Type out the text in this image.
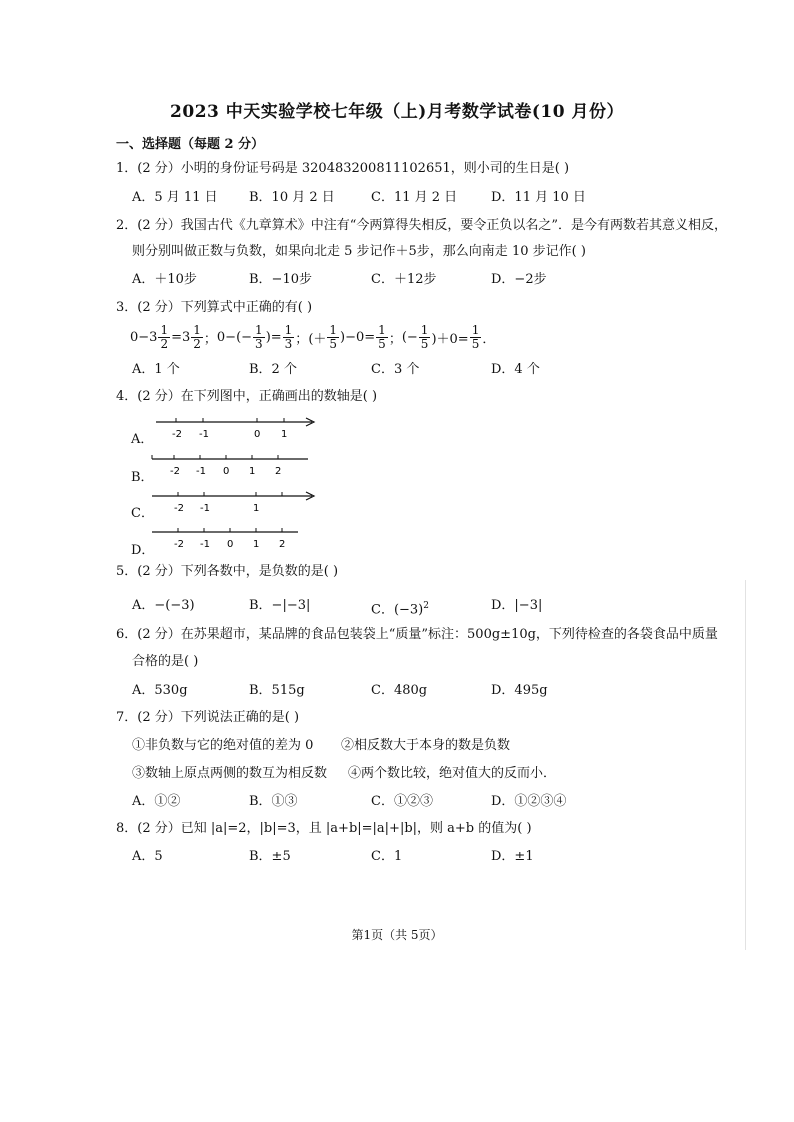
2023 中天实验学校七年级（上)月考数学试卷(10 月份）
一、选择题（每题 2 分）
1．(2 分）小明的身份证号码是 320483200811102651，则小司的生日是( )
A．5 月 11 日 B．10 月 2 日	C．11 月 2 日	D．11 月 10 日
2．(2 分）我国古代《九章算术》中注有“今两算得失相反，要令正负以名之”．是今有两数若其意义相反，
则分别叫做正数与负数，如果向北走 5 步记作＋5步，那么向南走 10 步记作( )
A．＋10步	B．−10步	C．＋12步	D．−2步
3．(2 分）下列算式中正确的有( )
$0-3 \frac{1}{2} =3 \frac{1}{2}$ ；$0-(- \frac{1}{3}$ )= $\frac{1}{3}$ ；(＋ $\frac{1}{5} )-0= \frac{1}{5}$ ；(− $\frac{1}{5} )+0= \frac{1}{5}$ ．
A．1 个	B．2 个	C．3 个	D．4 个
4．(2 分）在下列图中，正确画出的数轴是( )
A． -2 -1	0 1
B． -2 -1 0 1 2
C． -2 -1	1
D． -2 -1 0 1 2
5．(2 分）下列各数中，是负数的是( )
A．−(−3)	B．−|−3|	C．$(-3)^2$	D．|−3|
6．(2 分）在苏果超市，某品牌的食品包装袋上“质量”标注：500g±10g，下列待检查的各袋食品中质量
合格的是( )
A．530g	B．515g	C．480g	D．495g
7．(2 分）下列说法正确的是( )
①非负数与它的绝对值的差为 0 ②相反数大于本身的数是负数
③数轴上原点两侧的数互为相反数 ④两个数比较，绝对值大的反而小．
A．①②	B．①③	C．①②③	D．①②③④
8．(2 分）已知 |a|=2，|b|=3，且 |a+b|=|a|+|b|，则 a+b 的值为( )
A．5	B．±5	C．1	D．±1
第1页（共 5页）
